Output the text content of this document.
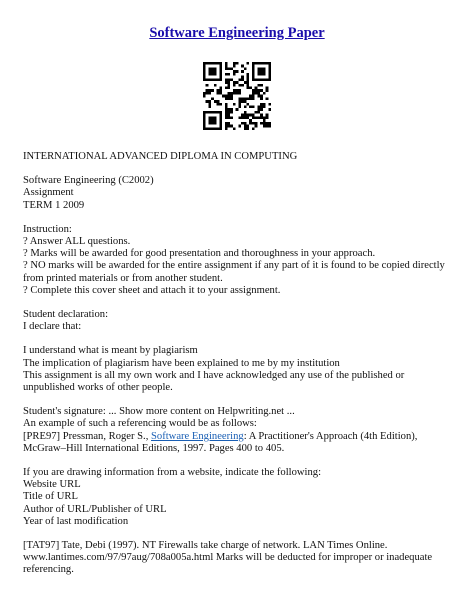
Software Engineering Paper

INTERNATIONAL ADVANCED DIPLOMA IN COMPUTING

Software Engineering (C2002)
Assignment
TERM 1 2009

Instruction:
? Answer ALL questions.
? Marks will be awarded for good presentation and thoroughness in your approach.
? NO marks will be awarded for the entire assignment if any part of it is found to be copied directly from printed materials or from another student.
? Complete this cover sheet and attach it to your assignment.

Student declaration:
I declare that:

I understand what is meant by plagiarism
The implication of plagiarism have been explained to me by my institution
This assignment is all my own work and I have acknowledged any use of the published or unpublished works of other people.

Student's signature: ... Show more content on Helpwriting.net ...
An example of such a referencing would be as follows:
[PRE97] Pressman, Roger S., Software Engineering: A Practitioner's Approach (4th Edition), McGraw–Hill International Editions, 1997. Pages 400 to 405.

If you are drawing information from a website, indicate the following:
Website URL
Title of URL
Author of URL/Publisher of URL
Year of last modification

[TAT97] Tate, Debi (1997). NT Firewalls take charge of network. LAN Times Online. www.lantimes.com/97/97aug/708a005a.html Marks will be deducted for improper or inadequate referencing.
